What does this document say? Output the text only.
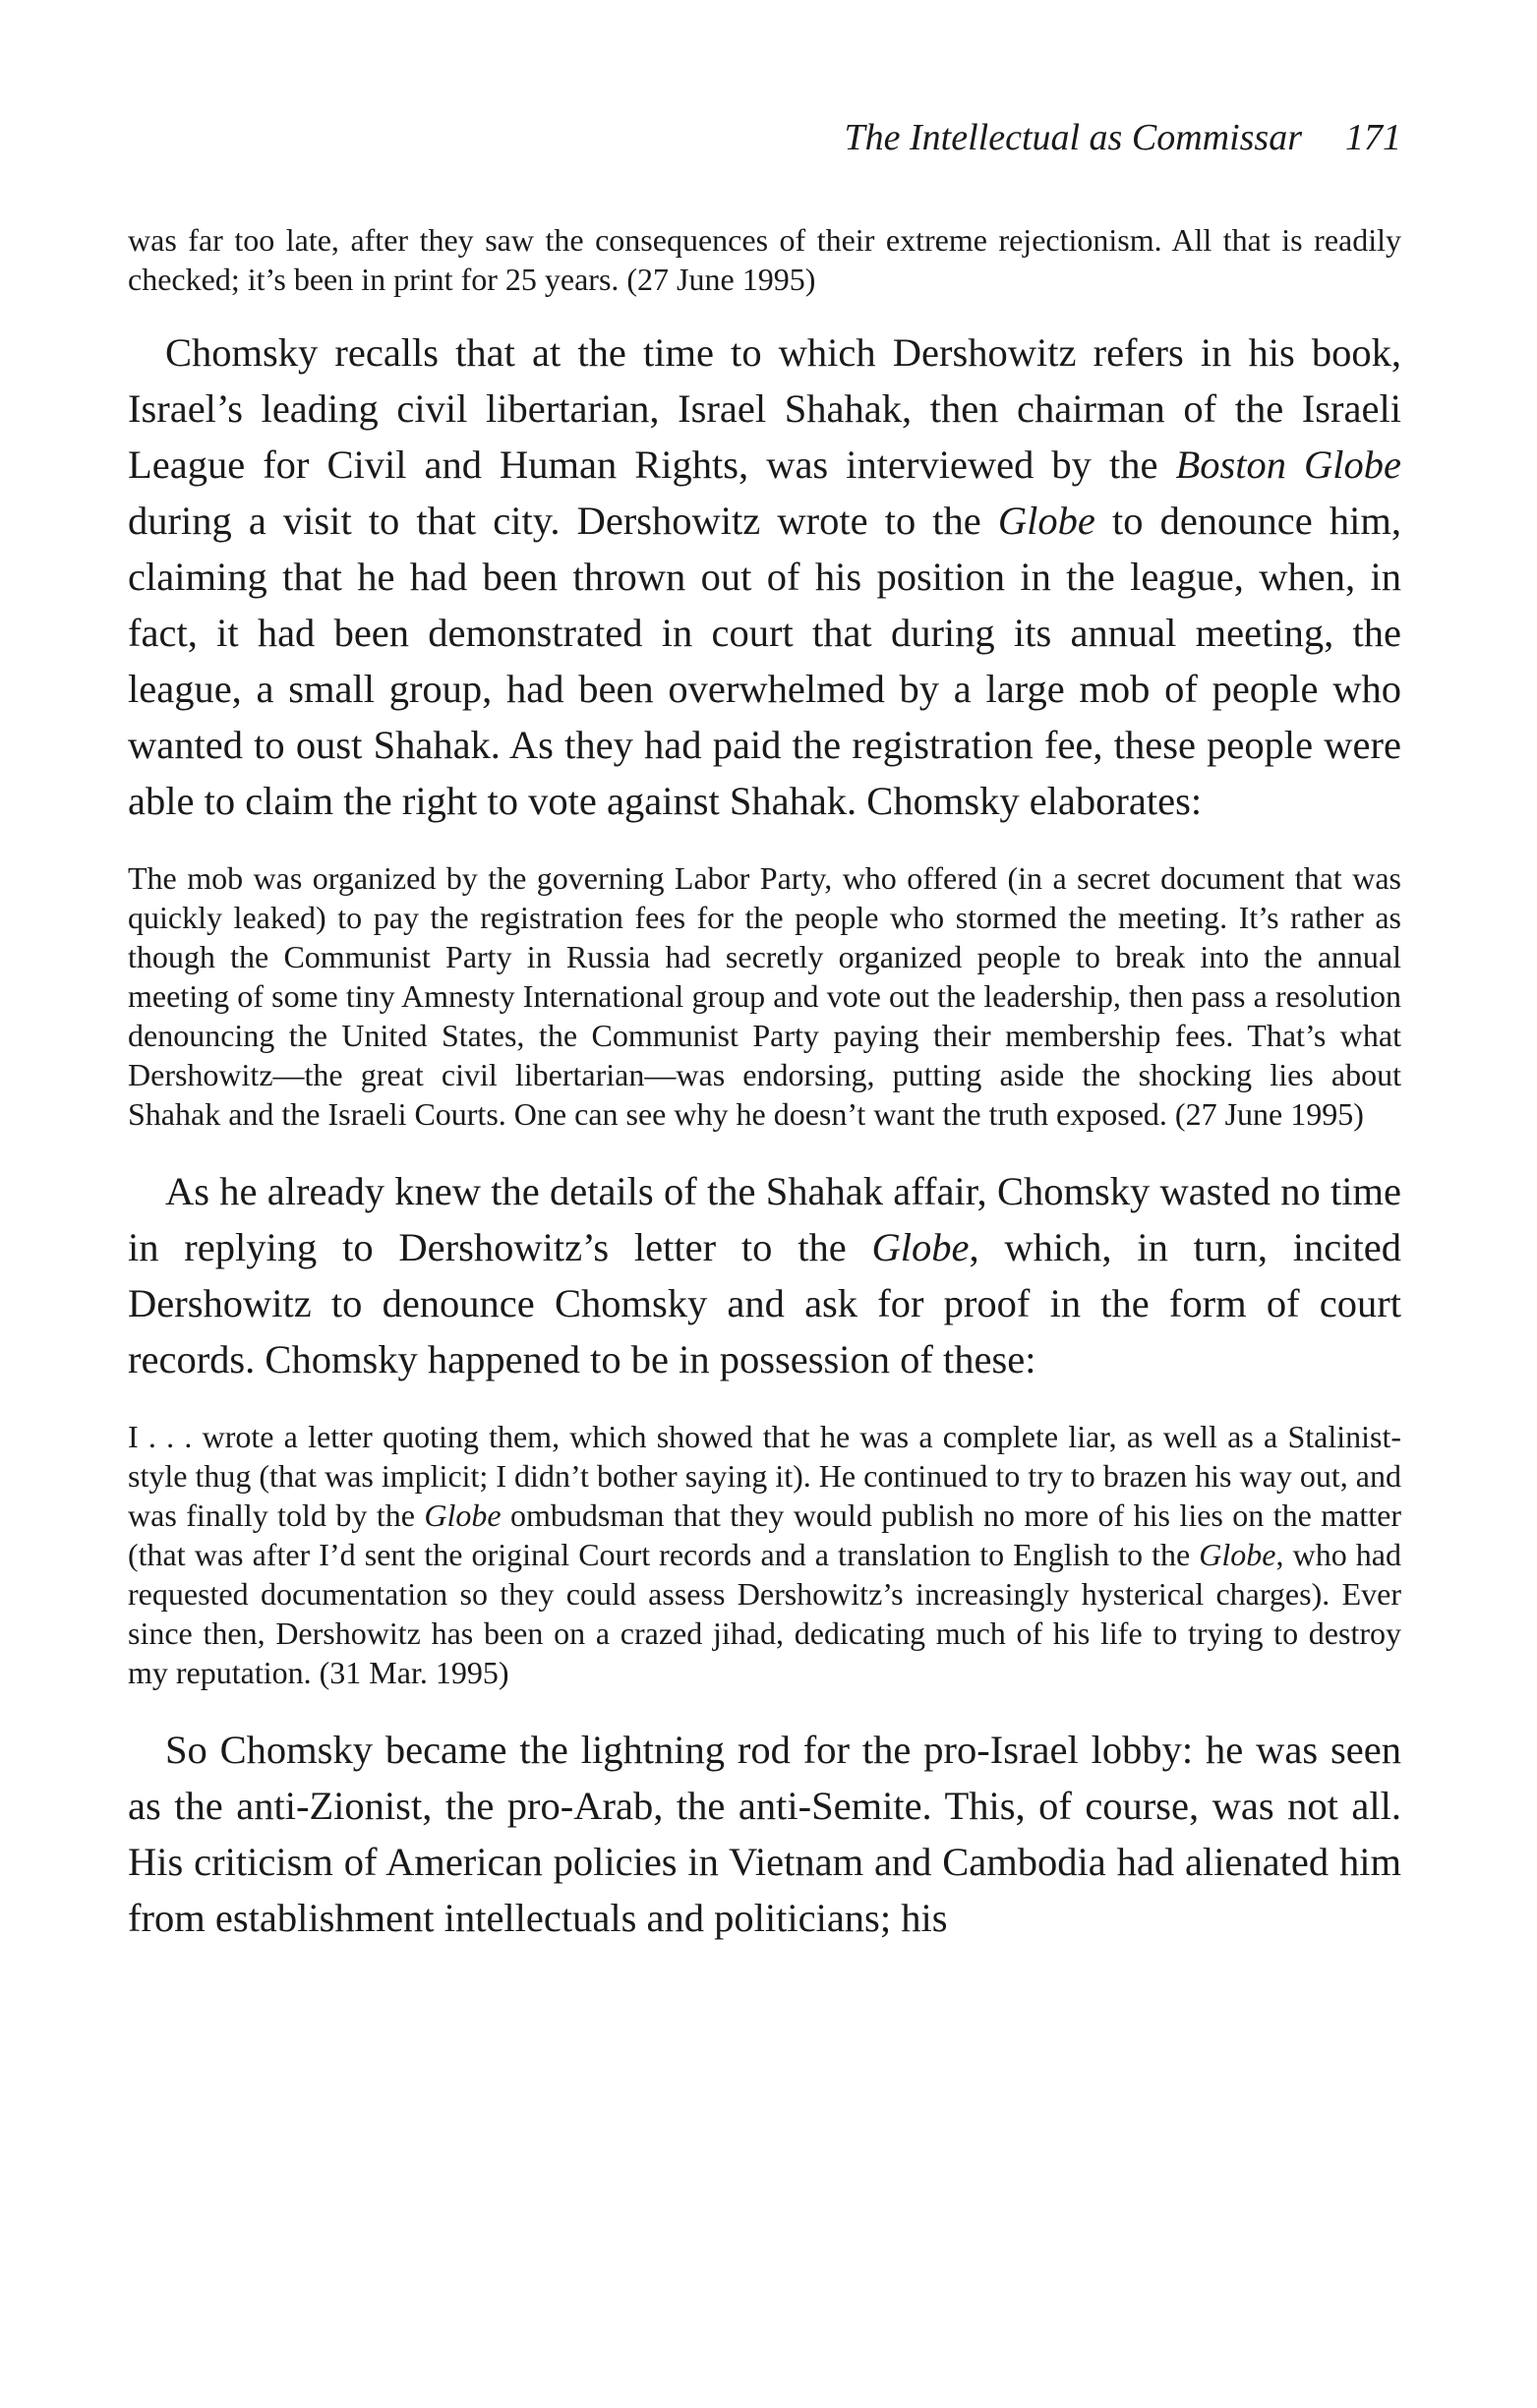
The Intellectual as Commissar 171

was far too late, after they saw the consequences of their extreme rejectionism. All that is readily checked; it’s been in print for 25 years. (27 June 1995)

Chomsky recalls that at the time to which Dershowitz refers in his book, Israel’s leading civil libertarian, Israel Shahak, then chairman of the Israeli League for Civil and Human Rights, was interviewed by the Boston Globe during a visit to that city. Dershowitz wrote to the Globe to denounce him, claiming that he had been thrown out of his position in the league, when, in fact, it had been demonstrated in court that during its annual meeting, the league, a small group, had been overwhelmed by a large mob of people who wanted to oust Shahak. As they had paid the registration fee, these people were able to claim the right to vote against Shahak. Chomsky elaborates:

The mob was organized by the governing Labor Party, who offered (in a secret document that was quickly leaked) to pay the registration fees for the people who stormed the meeting. It’s rather as though the Communist Party in Russia had secretly organized people to break into the annual meeting of some tiny Amnesty International group and vote out the leadership, then pass a resolution denouncing the United States, the Communist Party paying their membership fees. That’s what Dershowitz—the great civil libertarian—was endorsing, putting aside the shocking lies about Shahak and the Israeli Courts. One can see why he doesn’t want the truth exposed. (27 June 1995)

As he already knew the details of the Shahak affair, Chomsky wasted no time in replying to Dershowitz’s letter to the Globe, which, in turn, incited Dershowitz to denounce Chomsky and ask for proof in the form of court records. Chomsky happened to be in possession of these:

I . . . wrote a letter quoting them, which showed that he was a complete liar, as well as a Stalinist-style thug (that was implicit; I didn’t bother saying it). He continued to try to brazen his way out, and was finally told by the Globe ombudsman that they would publish no more of his lies on the matter (that was after I’d sent the original Court records and a translation to English to the Globe, who had requested documentation so they could assess Dershowitz’s increasingly hysterical charges). Ever since then, Dershowitz has been on a crazed jihad, dedicating much of his life to trying to destroy my reputation. (31 Mar. 1995)

So Chomsky became the lightning rod for the pro-Israel lobby: he was seen as the anti-Zionist, the pro-Arab, the anti-Semite. This, of course, was not all. His criticism of American policies in Vietnam and Cambodia had alienated him from establishment intellectuals and politicians; his
